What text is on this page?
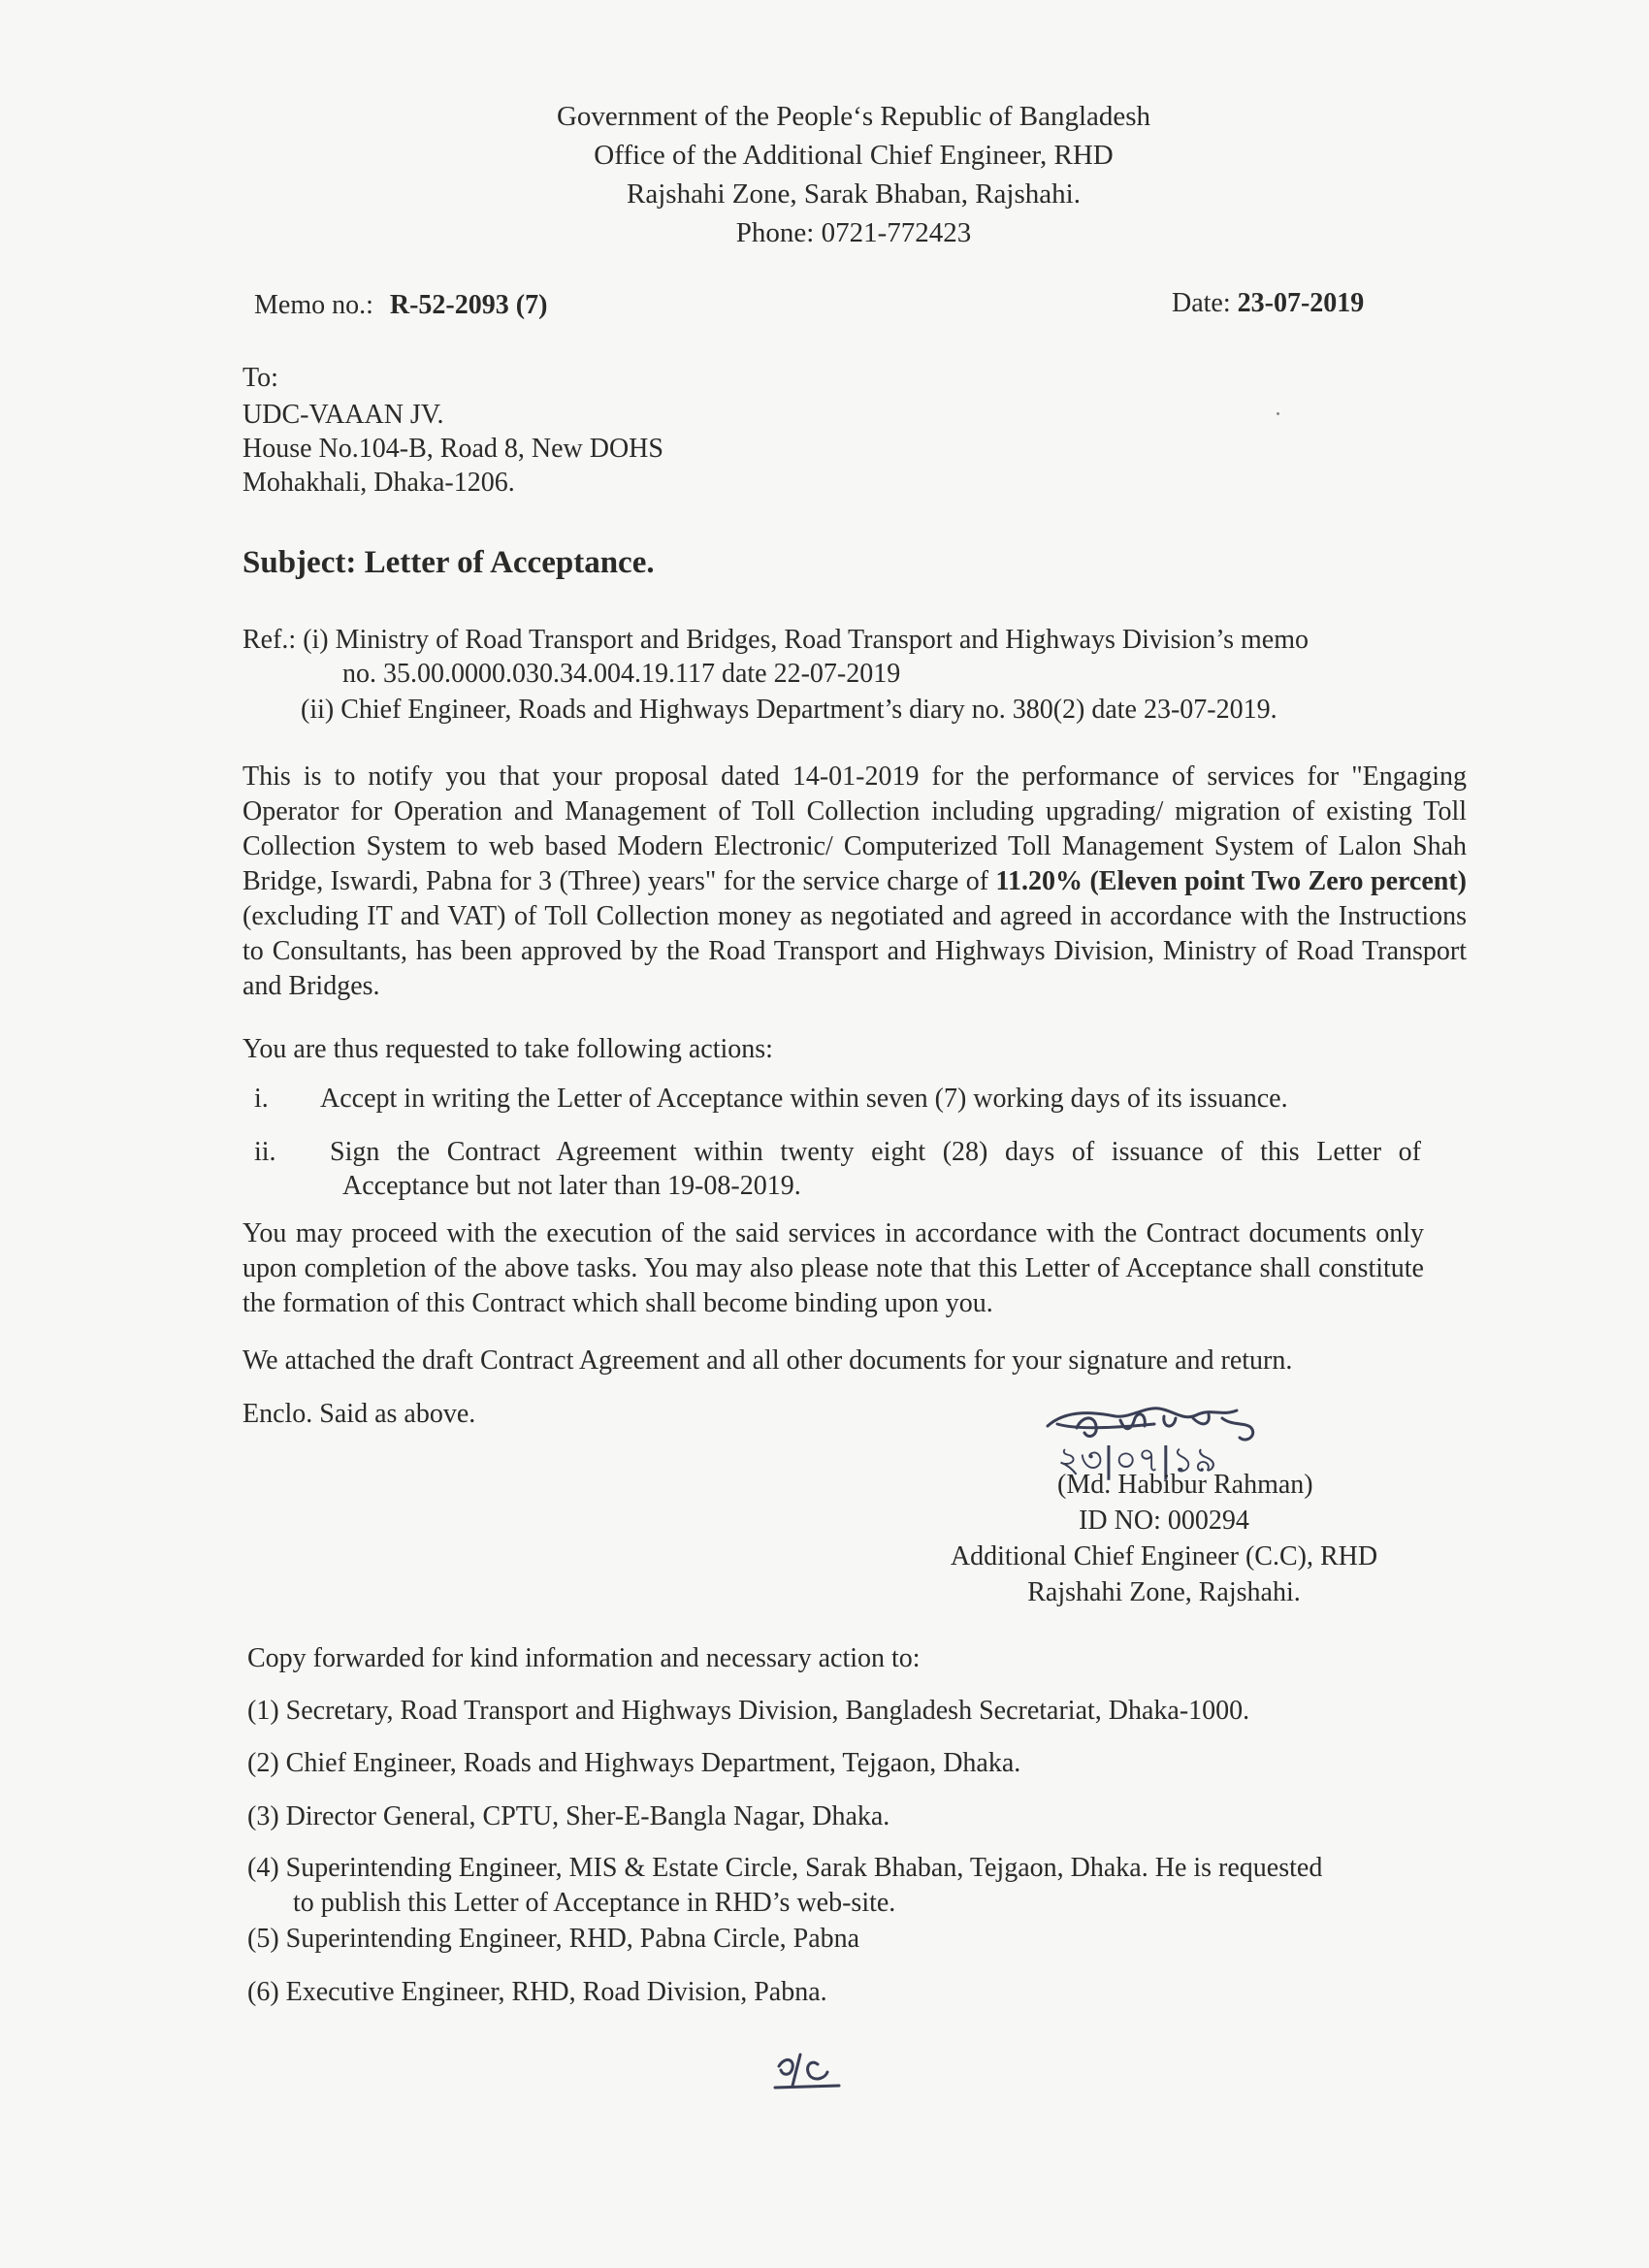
Government of the People‘s Republic of Bangladesh
Office of the Additional Chief Engineer, RHD
Rajshahi Zone, Sarak Bhaban, Rajshahi.
Phone: 0721-772423
Memo no.: R-52-2093 (7)	Date: 23-07-2019
To:
UDC-VAAAN JV.
House No.104-B, Road 8, New DOHS
Mohakhali, Dhaka-1206.
Subject: Letter of Acceptance.
Ref.: (i) Ministry of Road Transport and Bridges, Road Transport and Highways Division’s memo
no. 35.00.0000.030.34.004.19.117 date 22-07-2019
(ii) Chief Engineer, Roads and Highways Department’s diary no. 380(2) date 23-07-2019.
This is to notify you that your proposal dated 14-01-2019 for the performance of services for "Engaging Operator for Operation and Management of Toll Collection including upgrading/ migration of existing Toll Collection System to web based Modern Electronic/ Computerized Toll Management System of Lalon Shah Bridge, Iswardi, Pabna for 3 (Three) years" for the service charge of 11.20% (Eleven point Two Zero percent) (excluding IT and VAT) of Toll Collection money as negotiated and agreed in accordance with the Instructions to Consultants, has been approved by the Road Transport and Highways Division, Ministry of Road Transport and Bridges.
You are thus requested to take following actions:
i. Accept in writing the Letter of Acceptance within seven (7) working days of its issuance.
ii. Sign the Contract Agreement within twenty eight (28) days of issuance of this Letter of
Acceptance but not later than 19-08-2019.
You may proceed with the execution of the said services in accordance with the Contract documents only upon completion of the above tasks. You may also please note that this Letter of Acceptance shall constitute the formation of this Contract which shall become binding upon you.
We attached the draft Contract Agreement and all other documents for your signature and return.
Enclo. Said as above.
২৩|০৭|১৯
(Md. Habibur Rahman)
ID NO: 000294
Additional Chief Engineer (C.C), RHD
Rajshahi Zone, Rajshahi.
Copy forwarded for kind information and necessary action to:
(1) Secretary, Road Transport and Highways Division, Bangladesh Secretariat, Dhaka-1000.
(2) Chief Engineer, Roads and Highways Department, Tejgaon, Dhaka.
(3) Director General, CPTU, Sher-E-Bangla Nagar, Dhaka.
(4) Superintending Engineer, MIS & Estate Circle, Sarak Bhaban, Tejgaon, Dhaka. He is requested
to publish this Letter of Acceptance in RHD’s web-site.
(5) Superintending Engineer, RHD, Pabna Circle, Pabna
(6) Executive Engineer, RHD, Road Division, Pabna.
